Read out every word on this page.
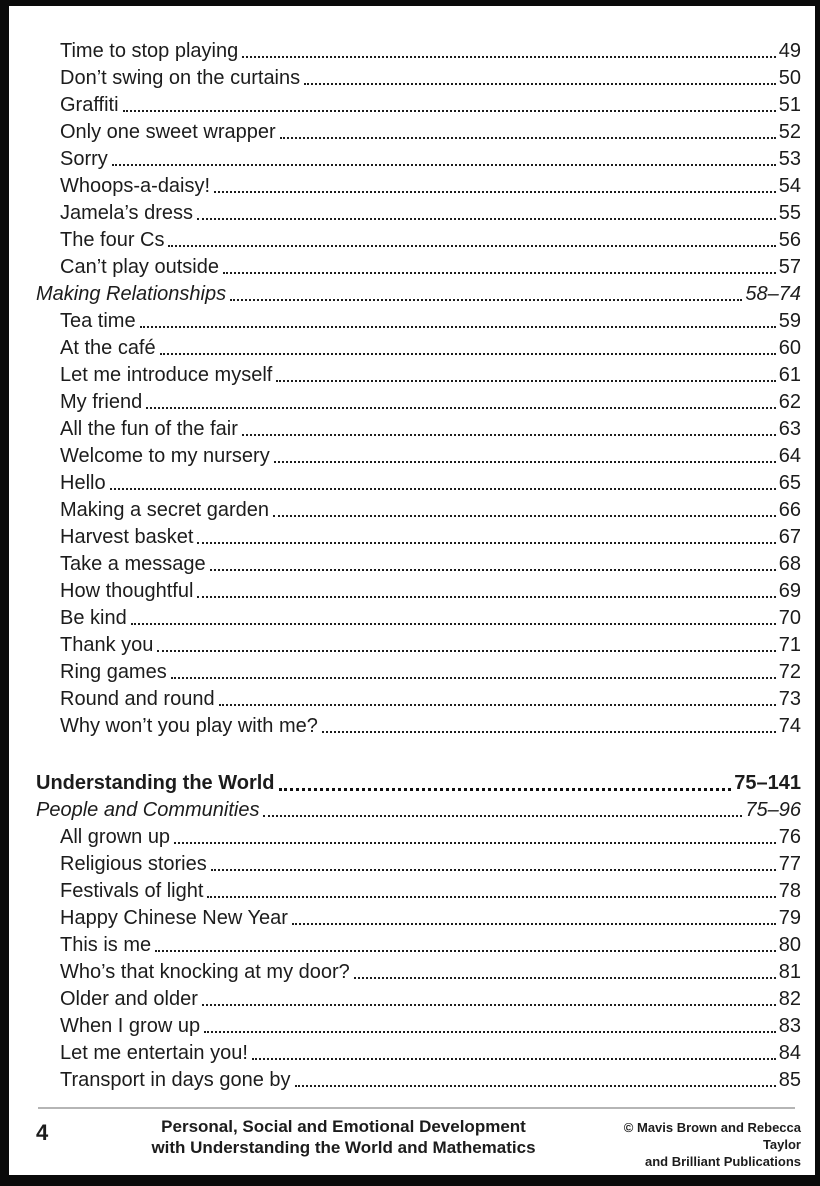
Time to stop playing	49
Don’t swing on the curtains	50
Graffiti	51
Only one sweet wrapper	52
Sorry	53
Whoops-a-daisy!	54
Jamela’s dress	55
The four Cs	56
Can’t play outside	57
Making Relationships	58–74
Tea time	59
At the café	60
Let me introduce myself	61
My friend	62
All the fun of the fair	63
Welcome to my nursery	64
Hello	65
Making a secret garden	66
Harvest basket	67
Take a message	68
How thoughtful	69
Be kind	70
Thank you	71
Ring games	72
Round and round	73
Why won’t you play with me?	74
Understanding the World	75–141
People and Communities	75–96
All grown up	76
Religious stories	77
Festivals of light	78
Happy Chinese New Year	79
This is me	80
Who’s that knocking at my door?	81
Older and older	82
When I grow up	83
Let me entertain you!	84
Transport in days gone by	85
4	Personal, Social and Emotional Development
with Understanding the World and Mathematics
© Mavis Brown and Rebecca Taylor
and Brilliant Publications
